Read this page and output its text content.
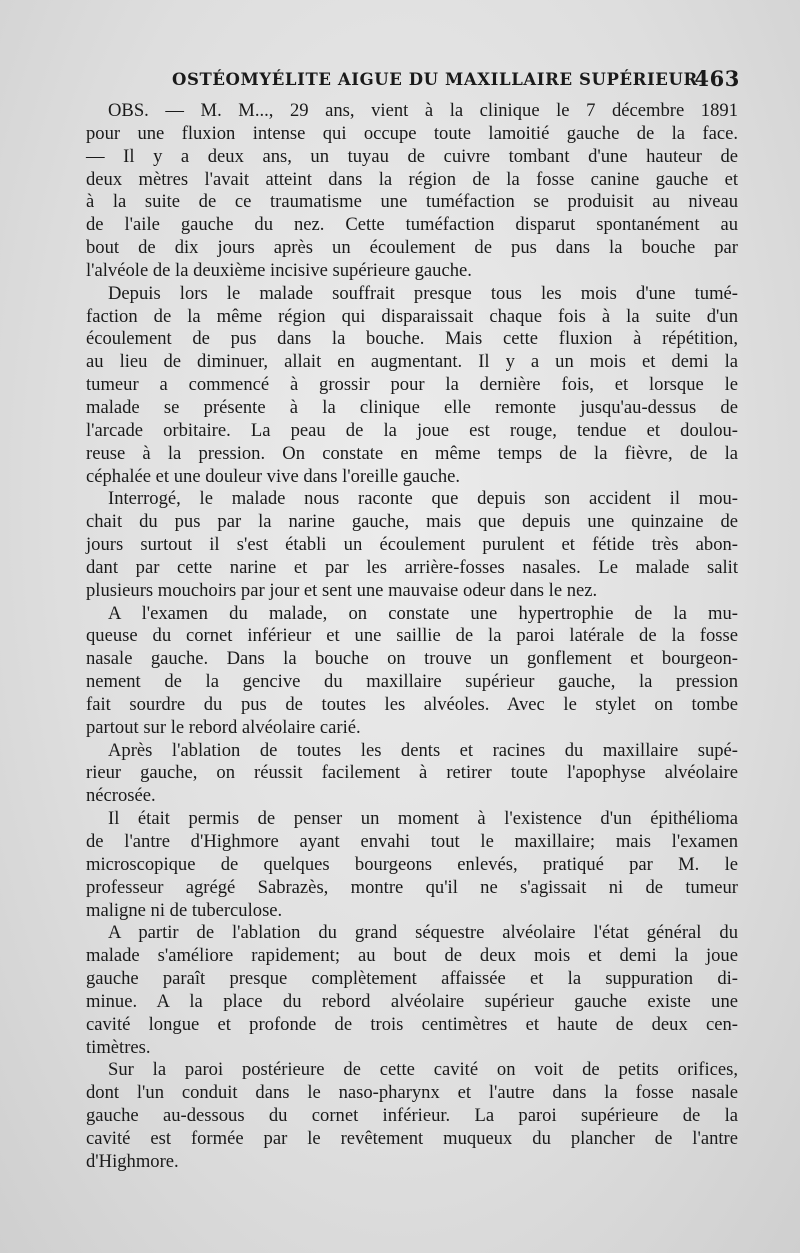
OSTÉOMYÉLITE AIGUE DU MAXILLAIRE SUPÉRIEUR
463

OBS. — M. M..., 29 ans, vient à la clinique le 7 décembre 1891
pour une fluxion intense qui occupe toute lamoitié gauche de la face.
— Il y a deux ans, un tuyau de cuivre tombant d'une hauteur de
deux mètres l'avait atteint dans la région de la fosse canine gauche et
à la suite de ce traumatisme une tuméfaction se produisit au niveau
de l'aile gauche du nez. Cette tuméfaction disparut spontanément au
bout de dix jours après un écoulement de pus dans la bouche par
l'alvéole de la deuxième incisive supérieure gauche.

Depuis lors le malade souffrait presque tous les mois d'une tumé-
faction de la même région qui disparaissait chaque fois à la suite d'un
écoulement de pus dans la bouche. Mais cette fluxion à répétition,
au lieu de diminuer, allait en augmentant. Il y a un mois et demi la
tumeur a commencé à grossir pour la dernière fois, et lorsque le
malade se présente à la clinique elle remonte jusqu'au-dessus de
l'arcade orbitaire. La peau de la joue est rouge, tendue et doulou-
reuse à la pression. On constate en même temps de la fièvre, de la
céphalée et une douleur vive dans l'oreille gauche.

Interrogé, le malade nous raconte que depuis son accident il mou-
chait du pus par la narine gauche, mais que depuis une quinzaine de
jours surtout il s'est établi un écoulement purulent et fétide très abon-
dant par cette narine et par les arrière-fosses nasales. Le malade salit
plusieurs mouchoirs par jour et sent une mauvaise odeur dans le nez.

A l'examen du malade, on constate une hypertrophie de la mu-
queuse du cornet inférieur et une saillie de la paroi latérale de la fosse
nasale gauche. Dans la bouche on trouve un gonflement et bourgeon-
nement de la gencive du maxillaire supérieur gauche, la pression
fait sourdre du pus de toutes les alvéoles. Avec le stylet on tombe
partout sur le rebord alvéolaire carié.

Après l'ablation de toutes les dents et racines du maxillaire supé-
rieur gauche, on réussit facilement à retirer toute l'apophyse alvéolaire
nécrosée.

Il était permis de penser un moment à l'existence d'un épithélioma
de l'antre d'Highmore ayant envahi tout le maxillaire; mais l'examen
microscopique de quelques bourgeons enlevés, pratiqué par M. le
professeur agrégé Sabrazès, montre qu'il ne s'agissait ni de tumeur
maligne ni de tuberculose.

A partir de l'ablation du grand séquestre alvéolaire l'état général du
malade s'améliore rapidement; au bout de deux mois et demi la joue
gauche paraît presque complètement affaissée et la suppuration di-
minue. A la place du rebord alvéolaire supérieur gauche existe une
cavité longue et profonde de trois centimètres et haute de deux cen-
timètres.

Sur la paroi postérieure de cette cavité on voit de petits orifices,
dont l'un conduit dans le naso-pharynx et l'autre dans la fosse nasale
gauche au-dessous du cornet inférieur. La paroi supérieure de la
cavité est formée par le revêtement muqueux du plancher de l'antre
d'Highmore.
